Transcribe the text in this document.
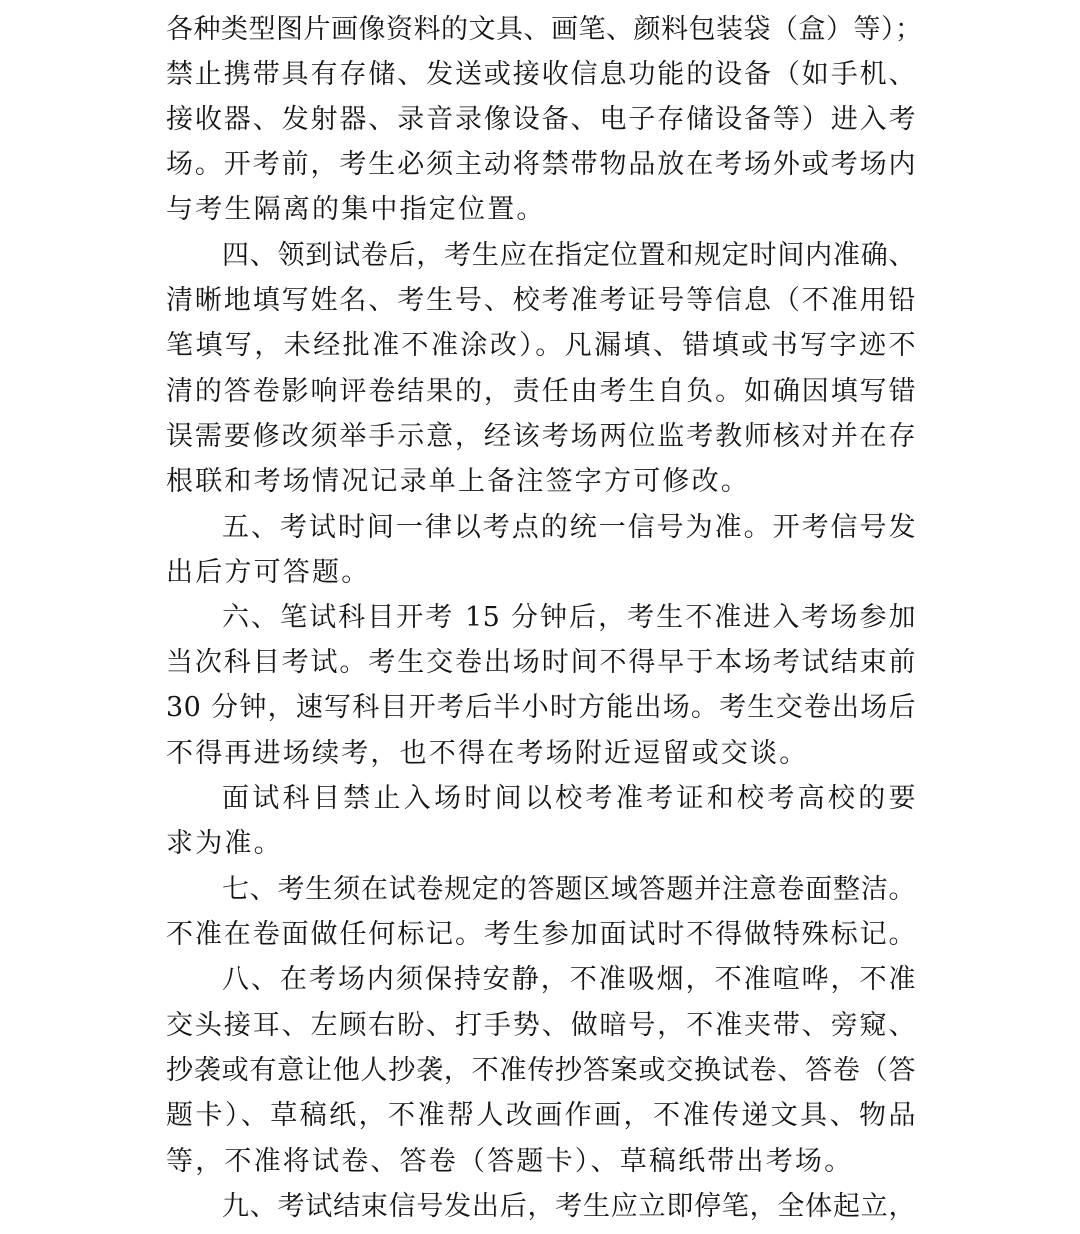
各种类型图片画像资料的文具、画笔、颜料包装袋（盒）等）；
禁止携带具有存储、发送或接收信息功能的设备（如手机、
接收器、发射器、录音录像设备、电子存储设备等）进入考
场。开考前，考生必须主动将禁带物品放在考场外或考场内
与考生隔离的集中指定位置。
四、领到试卷后，考生应在指定位置和规定时间内准确、
清晰地填写姓名、考生号、校考准考证号等信息（不准用铅
笔填写，未经批准不准涂改）。凡漏填、错填或书写字迹不
清的答卷影响评卷结果的，责任由考生自负。如确因填写错
误需要修改须举手示意，经该考场两位监考教师核对并在存
根联和考场情况记录单上备注签字方可修改。
五、考试时间一律以考点的统一信号为准。开考信号发
出后方可答题。
六、笔试科目开考 15 分钟后，考生不准进入考场参加
当次科目考试。考生交卷出场时间不得早于本场考试结束前
30 分钟，速写科目开考后半小时方能出场。考生交卷出场后
不得再进场续考，也不得在考场附近逗留或交谈。
面试科目禁止入场时间以校考准考证和校考高校的要
求为准。
七、考生须在试卷规定的答题区域答题并注意卷面整洁。
不准在卷面做任何标记。考生参加面试时不得做特殊标记。
八、在考场内须保持安静，不准吸烟，不准喧哗，不准
交头接耳、左顾右盼、打手势、做暗号，不准夹带、旁窥、
抄袭或有意让他人抄袭，不准传抄答案或交换试卷、答卷（答
题卡）、草稿纸，不准帮人改画作画，不准传递文具、物品
等，不准将试卷、答卷（答题卡）、草稿纸带出考场。
九、考试结束信号发出后，考生应立即停笔，全体起立，
